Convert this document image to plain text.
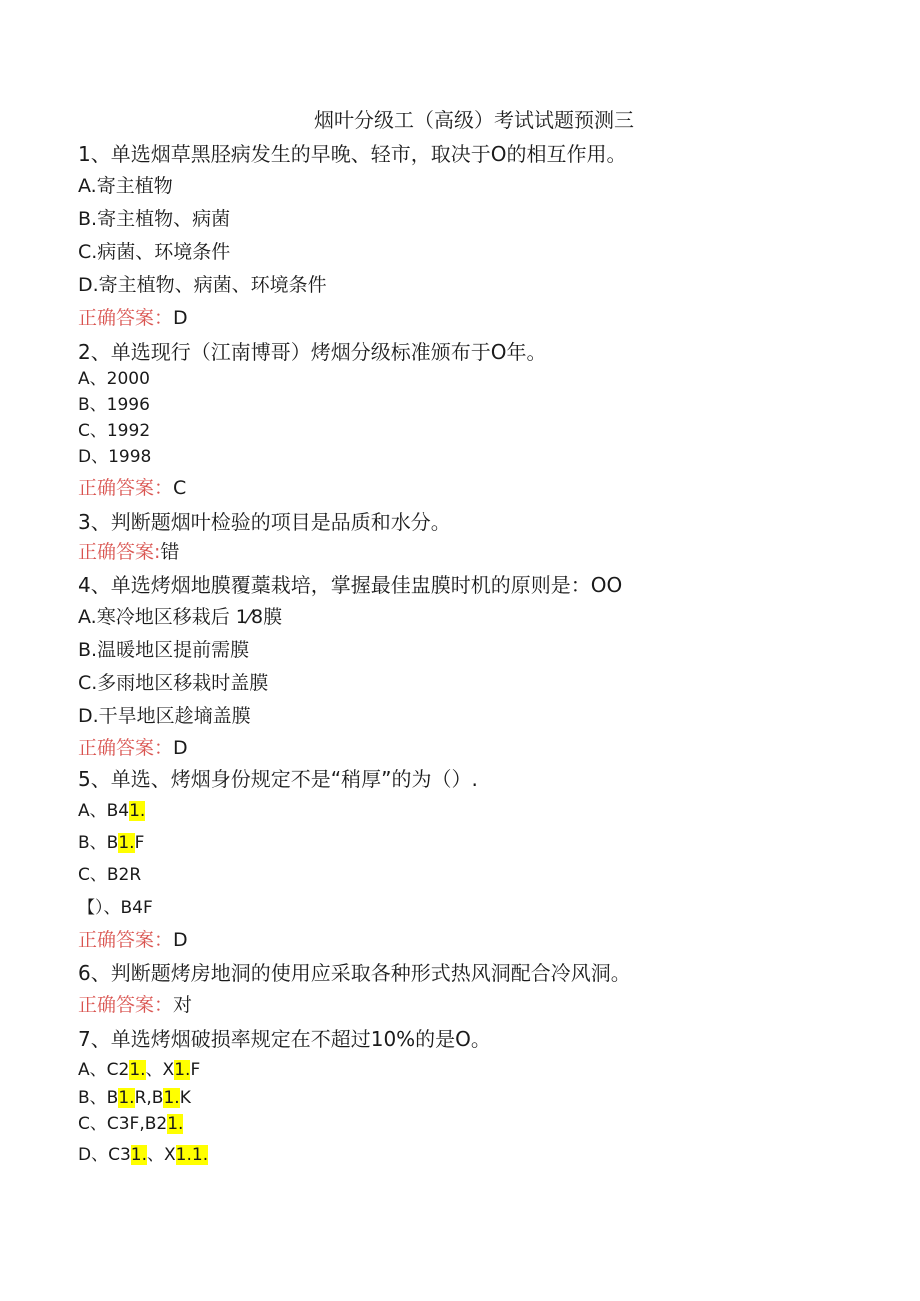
烟叶分级工（高级）考试试题预测三
1、单选烟草黑胫病发生的早晚、轻市，取决于O的相互作用。
A.寄主植物
B.寄主植物、病菌
C.病菌、环境条件
D.寄主植物、病菌、环境条件
正确答案：D
2、单选现行（江南博哥）烤烟分级标准颁布于O年。
A、2000
B、1996
C、1992
D、1998
正确答案：C
3、判断题烟叶检验的项目是品质和水分。
正确答案:错
4、单选烤烟地膜覆藁栽培，掌握最佳盅膜时机的原则是：OO
A.寒冷地区移栽后 1⁄8膜
B.温暖地区提前需膜
C.多雨地区移栽时盖膜
D.干旱地区趁墒盖膜
正确答案：D
5、单选、烤烟身份规定不是“稍厚”的为（）.
A、B41.
B、B1.F
C、B2R
【）、B4F
正确答案：D
6、判断题烤房地洞的使用应采取各种形式热风洞配合冷风洞。
正确答案：对
7、单选烤烟破损率规定在不超过10%的是O。
A、C21.、X1.F
B、B1.R,B1.K
C、C3F,B21.
D、C31.、X1.1.
